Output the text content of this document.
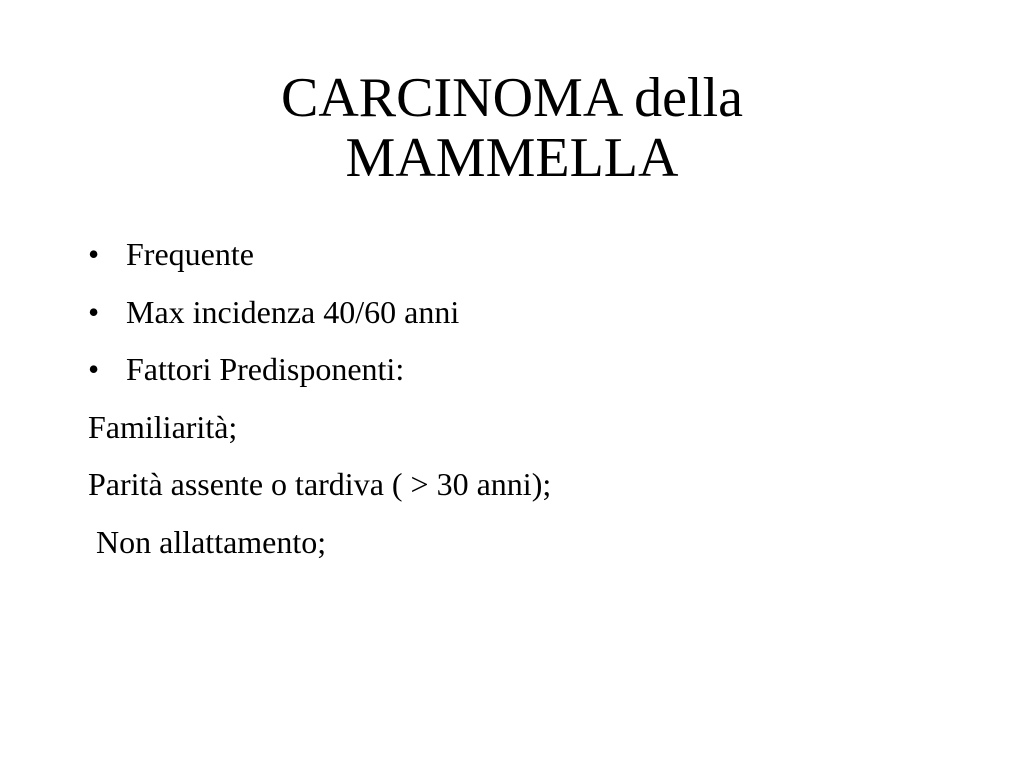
CARCINOMA della
MAMMELLA
• Frequente
• Max incidenza 40/60 anni
• Fattori Predisponenti:
Familiarità;
Parità assente o tardiva ( > 30 anni);
Non allattamento;
